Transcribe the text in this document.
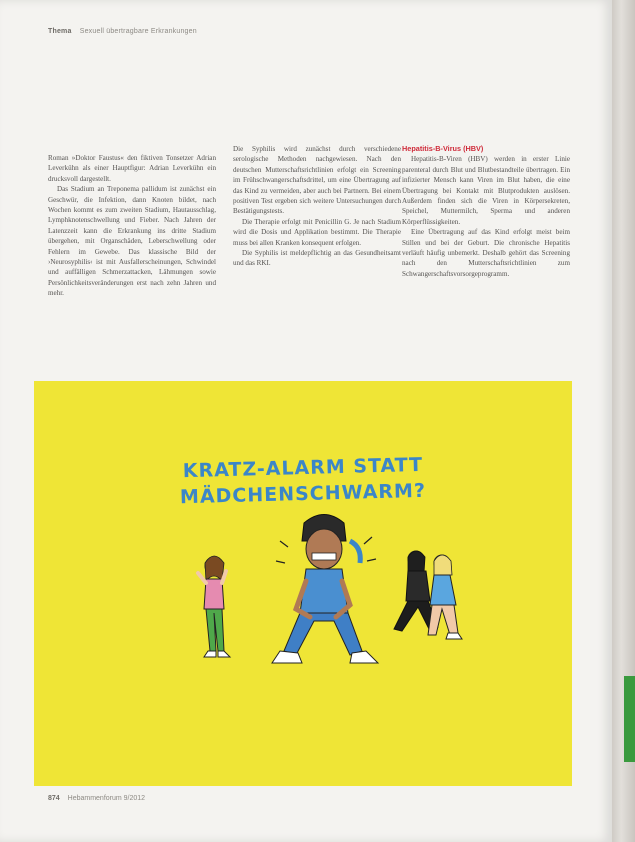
Thema Sexuell übertragbare Erkrankungen

Roman »Doktor Faustus« den fiktiven Tonsetzer Adrian Leverkühn als einer Hauptfigur: Adrian Leverkühn ein drucksvoll dargestellt.

Das Stadium an Treponema pallidum ist zunächst ein Geschwür, die Infektion, dann Knoten bildet, nach Wochen kommt es zum zweiten Stadium, Hautausschlag, Lymphknotenschwellung und Fieber. Nach Jahren der Latenzzeit kann die Erkrankung ins dritte Stadium übergehen, mit Organschäden, Leberschwellung oder Fehlern im Gewebe. Das klassische Bild der ›Neurosyphilis‹ ist mit Ausfallerscheinungen, Schwindel und auffälligen Schmerzattacken, Lähmungen sowie Persönlichkeitsveränderungen erst nach zehn Jahren und mehr.

Die Syphilis wird zunächst durch verschiedene serologische Methoden nachgewiesen. Nach den deutschen Mutterschaftsrichtlinien erfolgt ein Screening im Frühschwangerschaftsdrittel, um eine Übertragung auf das Kind zu vermeiden, aber auch bei Partnern. Bei einem positiven Test ergeben sich weitere Untersuchungen durch Bestätigungstests.

Die Therapie erfolgt mit Penicillin G. Je nach Stadium wird die Dosis und Applikation bestimmt. Die Therapie muss bei allen Kranken konsequent erfolgen.

Die Syphilis ist meldepflichtig an das Gesundheitsamt und das RKI.

Hepatitis-B-Virus (HBV)

Hepatitis-B-Viren (HBV) werden in erster Linie parenteral durch Blut und Blutbestandteile übertragen. Ein infizierter Mensch kann Viren im Blut haben, die eine Übertragung bei Kontakt mit Blutprodukten auslösen. Außerdem finden sich die Viren in Körpersekreten, Speichel, Muttermilch, Sperma und anderen Körperflüssigkeiten.

Eine Übertragung auf das Kind erfolgt meist beim Stillen und bei der Geburt. Die chronische Hepatitis verläuft häufig unbemerkt. Deshalb gehört das Screening nach den Mutterschaftsrichtlinien zum Schwangerschaftsvorsorgeprogramm.

KRATZ-ALARM STATT
MÄDCHENSCHWARM?
874 Hebammenforum 9/2012
